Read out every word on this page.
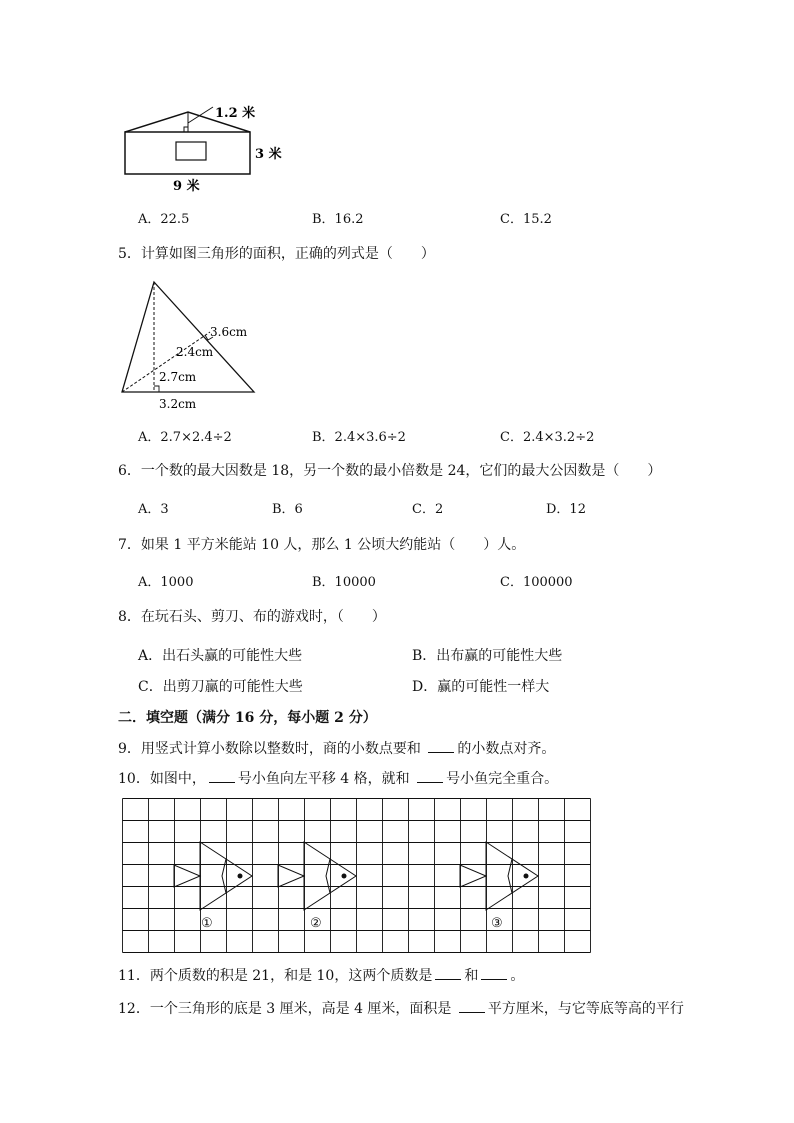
1.2 米
3 米
9 米
A．22.5	B．16.2	C．15.2
5．计算如图三角形的面积，正确的列式是（　　）
3.6cm
2.4cm
2.7cm
3.2cm
A．2.7×2.4÷2	B．2.4×3.6÷2	C．2.4×3.2÷2
6．一个数的最大因数是 18，另一个数的最小倍数是 24，它们的最大公因数是（　　）
A．3	B．6	C．2	D．12
7．如果 1 平方米能站 10 人，那么 1 公顷大约能站（　　）人。
A．1000	B．10000	C．100000
8．在玩石头、剪刀、布的游戏时，（　　）
A．出石头赢的可能性大些	B．出布赢的可能性大些
C．出剪刀赢的可能性大些	D．赢的可能性一样大
二．填空题（满分 16 分，每小题 2 分）
9．用竖式计算小数除以整数时，商的小数点要和 的小数点对齐。
10．如图中， 号小鱼向左平移 4 格，就和 号小鱼完全重合。
①	②	③
11．两个质数的积是 21，和是 10，这两个质数是 和 。
12．一个三角形的底是 3 厘米，高是 4 厘米，面积是 平方厘米，与它等底等高的平行
